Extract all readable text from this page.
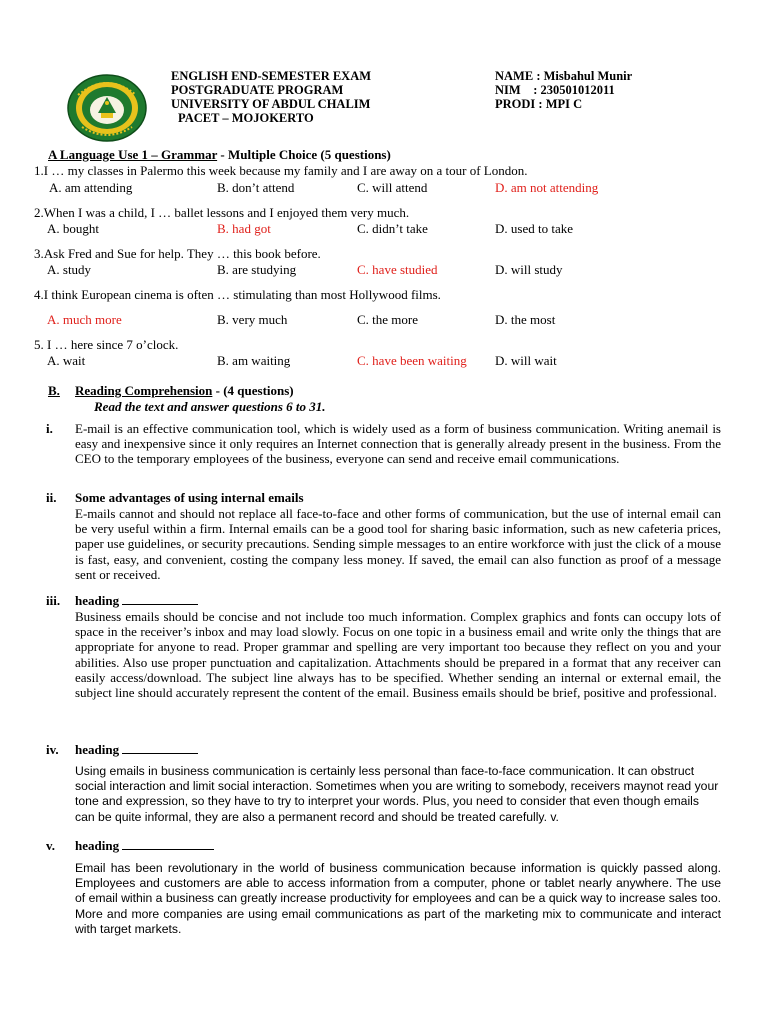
ENGLISH END-SEMESTER EXAM
POSTGRADUATE PROGRAM
UNIVERSITY OF ABDUL CHALIM
PACET – MOJOKERTO
NAME : Misbahul Munir
NIM    : 230501012011
PRODI : MPI C
A Language Use 1 – Grammar - Multiple Choice (5 questions)
1.I … my classes in Palermo this week because my family and I are away on a tour of London.
A. am attending	B. don’t attend	C. will attend	D. am not attending
2.When I was a child, I … ballet lessons and I enjoyed them very much.
A. bought	B. had got	C. didn’t take	D. used to take
3.Ask Fred and Sue for help. They … this book before.
A. study	B. are studying	C. have studied	D. will study
4.I think European cinema is often … stimulating than most Hollywood films.
A. much more	B. very much	C. the more	D. the most
5. I … here since 7 o’clock.
A. wait	B. am waiting	C. have been waiting D. will wait
B. Reading Comprehension - (4 questions)
Read the text and answer questions 6 to 31.
i. E-mail is an effective communication tool, which is widely used as a form of business communication. Writing anemail is easy and inexpensive since it only requires an Internet connection that is generally already present in the business. From the CEO to the temporary employees of the business, everyone can send and receive email communications.
ii. Some advantages of using internal emails
E-mails cannot and should not replace all face-to-face and other forms of communication, but the use of internal email can be very useful within a firm. Internal emails can be a good tool for sharing basic information, such as new cafeteria prices, paper use guidelines, or security precautions. Sending simple messages to an entire workforce with just the click of a mouse is fast, easy, and convenient, costing the company less money. If saved, the email can also function as proof of a message sent or received.
iii. heading
Business emails should be concise and not include too much information. Complex graphics and fonts can occupy lots of space in the receiver’s inbox and may load slowly. Focus on one topic in a business email and write only the things that are appropriate for anyone to read. Proper grammar and spelling are very important too because they reflect on you and your abilities. Also use proper punctuation and capitalization. Attachments should be prepared in a format that any receiver can easily access/download. The subject line always has to be specified. Whether sending an internal or external email, the subject line should accurately represent the content of the email. Business emails should be brief, positive and professional.
iv. heading
Using emails in business communication is certainly less personal than face-to-face communication. It can obstruct social interaction and limit social interaction. Sometimes when you are writing to somebody, receivers maynot read your tone and expression, so they have to try to interpret your words. Plus, you need to consider that even though emails can be quite informal, they are also a permanent record and should be treated carefully. v.
v. heading
Email has been revolutionary in the world of business communication because information is quickly passed along. Employees and customers are able to access information from a computer, phone or tablet nearly anywhere. The use of email within a business can greatly increase productivity for employees and can be a quick way to increase sales too. More and more companies are using email communications as part of the marketing mix to communicate and interact with target markets.
